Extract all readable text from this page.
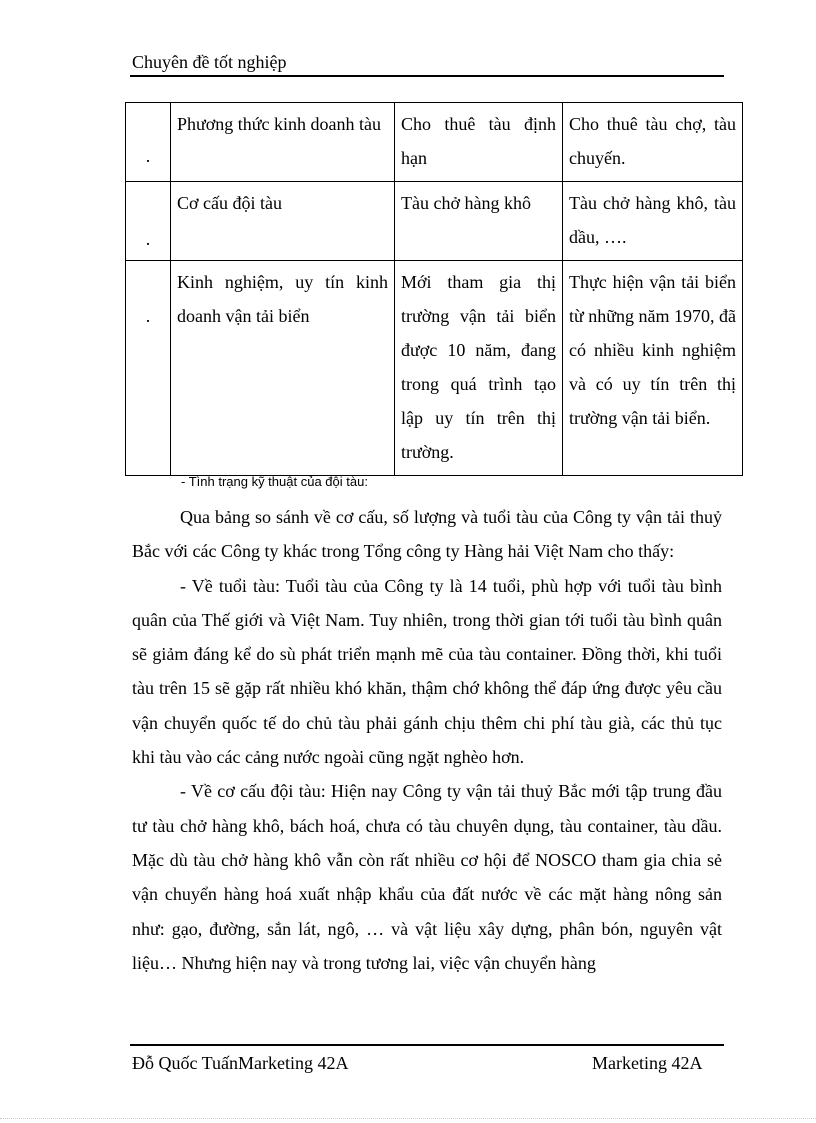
Chuyên đề tốt nghiệp
.	Phương thức kinh doanh tàu	Cho thuê tàu định hạn	Cho thuê tàu chợ, tàu chuyến.

.	Cơ cấu đội tàu	Tàu chở hàng khô	Tàu chở hàng khô, tàu dầu, ….

.	Kinh nghiệm, uy tín kinh doanh vận tải biển	Mới tham gia thị trường vận tải biển được 10 năm, đang trong quá trình tạo lập uy tín trên thị trường.	Thực hiện vận tải biển từ những năm 1970, đã có nhiều kinh nghiệm và có uy tín trên thị trường vận tải biển.
- Tình trạng kỹ thuật của đội tàu:

Qua bảng so sánh về cơ cấu, số lượng và tuổi tàu của Công ty vận tải thuỷ Bắc với các Công ty khác trong Tổng công ty Hàng hải Việt Nam cho thấy:

- Về tuổi tàu: Tuổi tàu của Công ty là 14 tuổi, phù hợp với tuổi tàu bình quân của Thế giới và Việt Nam. Tuy nhiên, trong thời gian tới tuổi tàu bình quân sẽ giảm đáng kể do sù phát triển mạnh mẽ của tàu container. Đồng thời, khi tuổi tàu trên 15 sẽ gặp rất nhiều khó khăn, thậm chớ không thể đáp ứng được yêu cầu vận chuyển quốc tế do chủ tàu phải gánh chịu thêm chi phí tàu già, các thủ tục khi tàu vào các cảng nước ngoài cũng ngặt nghèo hơn.

- Về cơ cấu đội tàu: Hiện nay Công ty vận tải thuỷ Bắc mới tập trung đầu tư tàu chở hàng khô, bách hoá, chưa có tàu chuyên dụng, tàu container, tàu dầu. Mặc dù tàu chở hàng khô vẫn còn rất nhiều cơ hội để NOSCO tham gia chia sẻ vận chuyển hàng hoá xuất nhập khẩu của đất nước về các mặt hàng nông sản như: gạo, đường, sắn lát, ngô, … và vật liệu xây dựng, phân bón, nguyên vật liệu… Nhưng hiện nay và trong tương lai, việc vận chuyển hàng

Đỗ Quốc TuấnMarketing 42A	Marketing 42A
